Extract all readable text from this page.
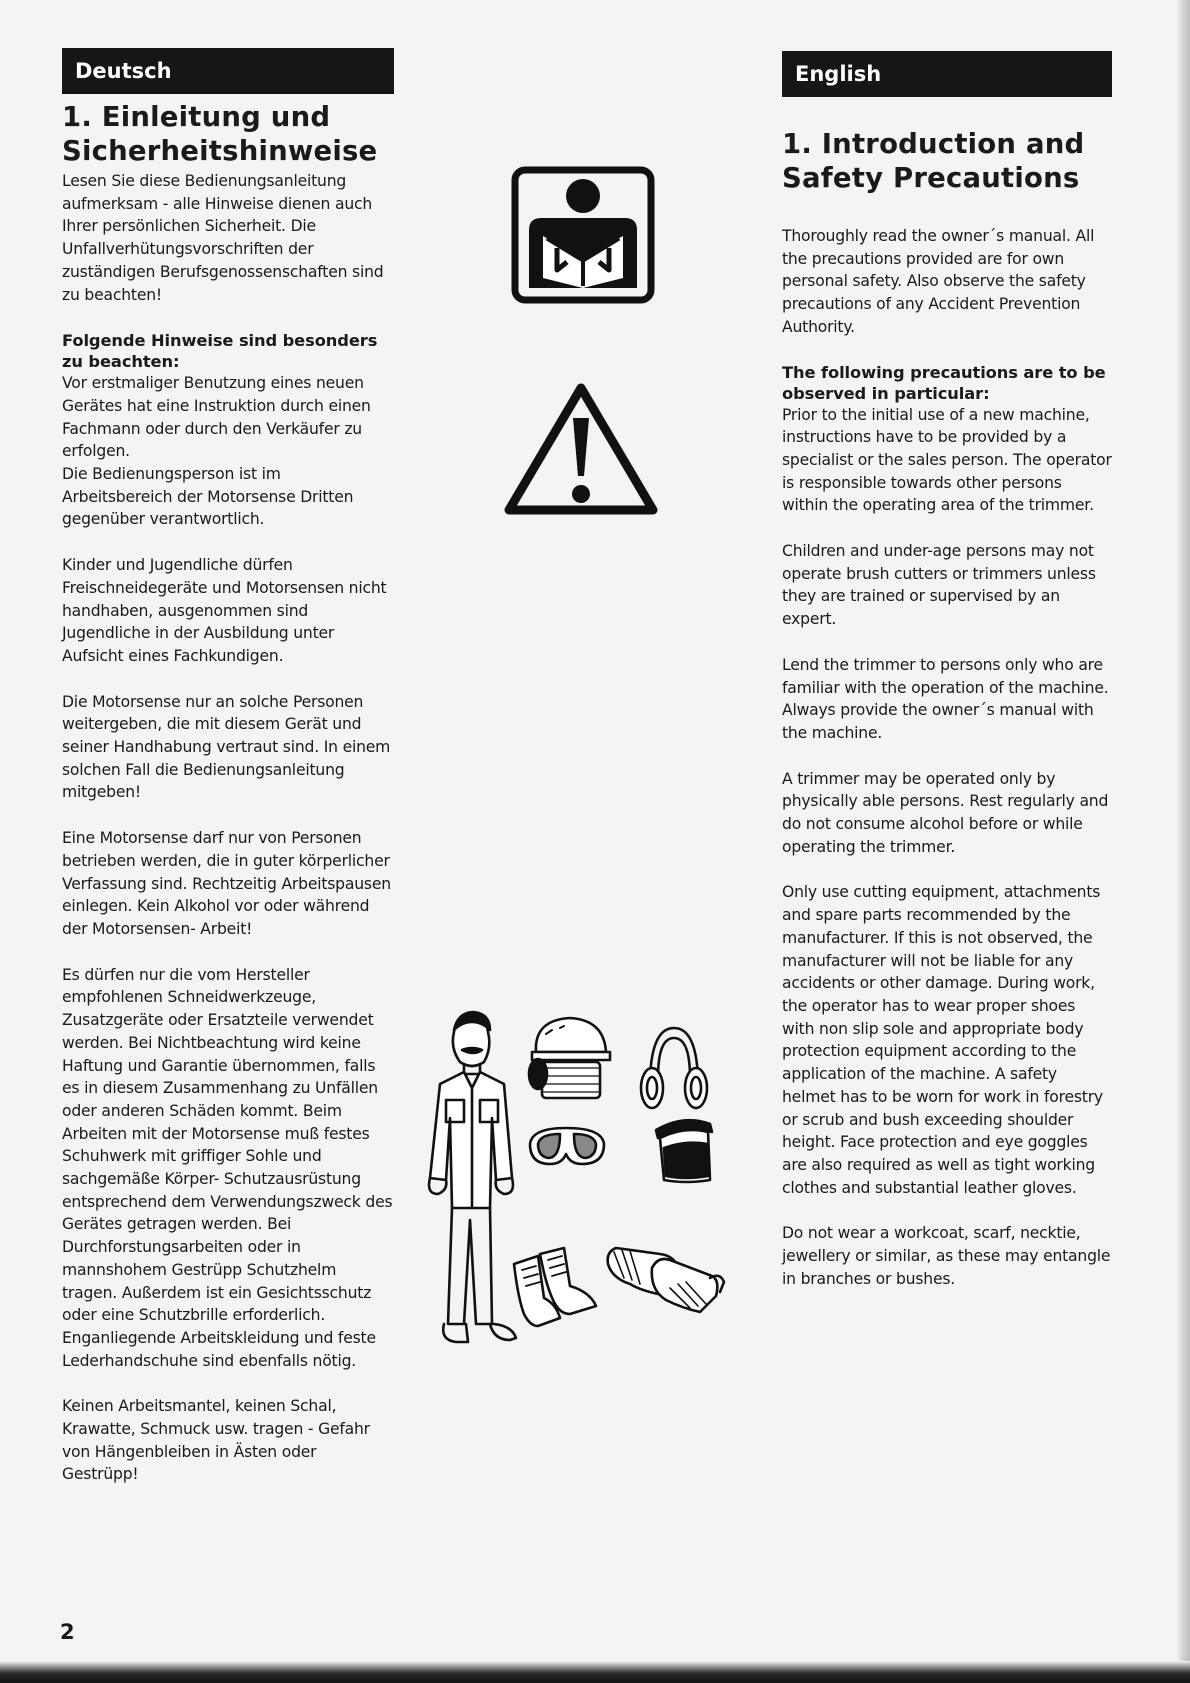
Deutsch
1. Einleitung und
Sicherheitshinweise

Lesen Sie diese Bedienungsanleitung aufmerksam - alle Hinweise dienen auch Ihrer persönlichen Sicherheit. Die Unfallverhütungsvorschriften der zuständigen Berufsgenossenschaften sind zu beachten!

Folgende Hinweise sind besonders zu beachten:

Vor erstmaliger Benutzung eines neuen Gerätes hat eine Instruktion durch einen Fachmann oder durch den Verkäufer zu erfolgen.

Die Bedienungsperson ist im Arbeitsbereich der Motorsense Dritten gegenüber verantwortlich.

Kinder und Jugendliche dürfen Freischneidegeräte und Motorsensen nicht handhaben, ausgenommen sind Jugendliche in der Ausbildung unter Aufsicht eines Fachkundigen.

Die Motorsense nur an solche Personen weitergeben, die mit diesem Gerät und seiner Handhabung vertraut sind. In einem solchen Fall die Bedienungsanleitung mitgeben!

Eine Motorsense darf nur von Personen betrieben werden, die in guter körperlicher Verfassung sind. Rechtzeitig Arbeitspausen einlegen. Kein Alkohol vor oder während der Motorsensen- Arbeit!

Es dürfen nur die vom Hersteller empfohlenen Schneidwerkzeuge, Zusatzgeräte oder Ersatzteile verwendet werden. Bei Nichtbeachtung wird keine Haftung und Garantie übernommen, falls es in diesem Zusammenhang zu Unfällen oder anderen Schäden kommt. Beim Arbeiten mit der Motorsense muß festes Schuhwerk mit griffiger Sohle und sachgemäße Körper- Schutzausrüstung entsprechend dem Verwendungszweck des Gerätes getragen werden. Bei Durchforstungsarbeiten oder in mannshohem Gestrüpp Schutzhelm tragen. Außerdem ist ein Gesichtsschutz oder eine Schutzbrille erforderlich. Enganliegende Arbeitskleidung und feste Lederhandschuhe sind ebenfalls nötig.

Keinen Arbeitsmantel, keinen Schal, Krawatte, Schmuck usw. tragen - Gefahr von Hängenbleiben in Ästen oder Gestrüpp!

English
1. Introduction and
Safety Precautions

Thoroughly read the owner´s manual. All the precautions provided are for own personal safety. Also observe the safety precautions of any Accident Prevention Authority.

The following precautions are to be observed in particular:

Prior to the initial use of a new machine, instructions have to be provided by a specialist or the sales person. The operator is responsible towards other persons within the operating area of the trimmer.

Children and under-age persons may not operate brush cutters or trimmers unless they are trained or supervised by an expert.

Lend the trimmer to persons only who are familiar with the operation of the machine. Always provide the owner´s manual with the machine.

A trimmer may be operated only by physically able persons. Rest regularly and do not consume alcohol before or while operating the trimmer.

Only use cutting equipment, attachments and spare parts recommended by the manufacturer. If this is not observed, the manufacturer will not be liable for any accidents or other damage. During work, the operator has to wear proper shoes with non slip sole and appropriate body protection equipment according to the application of the machine. A safety helmet has to be worn for work in forestry or scrub and bush exceeding shoulder height. Face protection and eye goggles are also required as well as tight working clothes and substantial leather gloves.

Do not wear a workcoat, scarf, necktie, jewellery or similar, as these may entangle in branches or bushes.

2
